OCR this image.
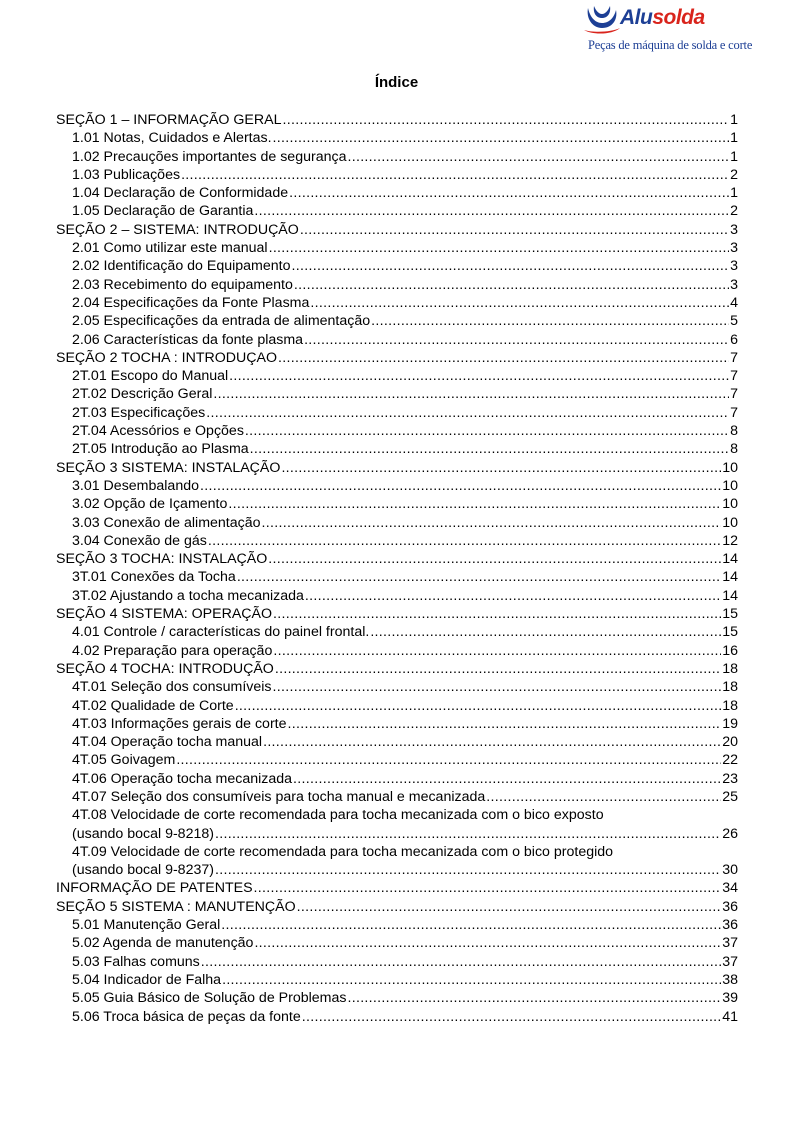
Alusolda
Peças de máquina de solda e corte
Índice
SEÇÃO 1 – INFORMAÇÃO GERAL .....	1
1.01 Notas, Cuidados e Alertas. .....	1
1.02 Precauções importantes de segurança .....	1
1.03 Publicações .....	2
1.04 Declaração de Conformidade .....	1
1.05 Declaração de Garantia .....	2
SEÇÃO 2 – SISTEMA: INTRODUÇÃO .....	3
2.01 Como utilizar este manual .....	3
2.02 Identificação do Equipamento .....	3
2.03 Recebimento do equipamento .....	3
2.04 Especificações da Fonte Plasma .....	4
2.05 Especificações da entrada de alimentação .....	5
2.06 Características da fonte plasma .....	6
SEÇÃO 2 TOCHA : INTRODUÇAO .....	7
2T.01 Escopo do Manual .....	7
2T.02 Descrição Geral .....	7
2T.03 Especificações .....	7
2T.04 Acessórios e Opções .....	8
2T.05 Introdução ao Plasma .....	8
SEÇÃO 3 SISTEMA: INSTALAÇÃO .....	10
3.01 Desembalando .....	10
3.02 Opção de Içamento .....	10
3.03 Conexão de alimentação .....	10
3.04 Conexão de gás .....	12
SEÇÃO 3 TOCHA: INSTALAÇÃO .....	14
3T.01 Conexões da Tocha .....	14
3T.02 Ajustando a tocha mecanizada .....	14
SEÇÃO 4 SISTEMA: OPERAÇÃO .....	15
4.01 Controle / características do painel frontal. .....	15
4.02 Preparação para operação .....	16
SEÇÃO 4 TOCHA: INTRODUÇÃO .....	18
4T.01 Seleção dos consumíveis .....	18
4T.02 Qualidade de Corte .....	18
4T.03 Informações gerais de corte .....	19
4T.04 Operação tocha manual .....	20
4T.05 Goivagem .....	22
4T.06 Operação tocha mecanizada .....	23
4T.07 Seleção dos consumíveis para tocha manual e mecanizada .....	25
4T.08 Velocidade de corte recomendada para tocha mecanizada com o bico exposto
(usando bocal 9-8218) .....	26
4T.09 Velocidade de corte recomendada para tocha mecanizada com o bico protegido
(usando bocal 9-8237) .....	30
INFORMAÇÃO DE PATENTES .....	34
SEÇÃO 5 SISTEMA : MANUTENÇÃO .....	36
5.01 Manutenção Geral .....	36
5.02 Agenda de manutenção .....	37
5.03 Falhas comuns .....	37
5.04 Indicador de Falha .....	38
5.05 Guia Básico de Solução de Problemas .....	39
5.06 Troca básica de peças da fonte .....	41
